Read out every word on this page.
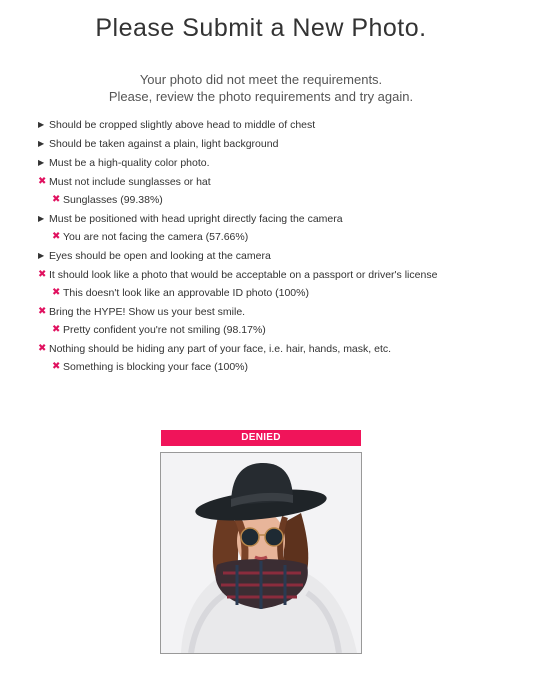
Please Submit a New Photo.
Your photo did not meet the requirements.
Please, review the photo requirements and try again.
▶ Should be cropped slightly above head to middle of chest
▶ Should be taken against a plain, light background
▶ Must be a high-quality color photo.
✖ Must not include sunglasses or hat
✖ Sunglasses (99.38%)
▶ Must be positioned with head upright directly facing the camera
✖ You are not facing the camera (57.66%)
▶ Eyes should be open and looking at the camera
✖ It should look like a photo that would be acceptable on a passport or driver's license
✖ This doesn't look like an approvable ID photo (100%)
✖ Bring the HYPE! Show us your best smile.
✖ Pretty confident you're not smiling (98.17%)
✖ Nothing should be hiding any part of your face, i.e. hair, hands, mask, etc.
✖ Something is blocking your face (100%)
DENIED
